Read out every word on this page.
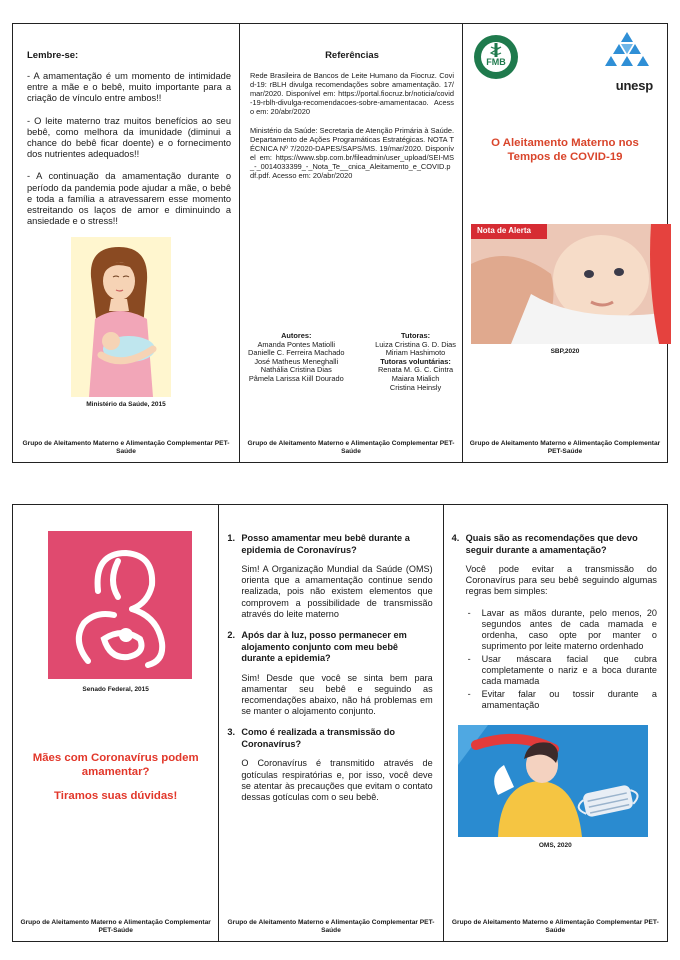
Lembre-se:

- A amamentação é um momento de intimidade entre a mãe e o bebê, muito importante para a criação de vínculo entre ambos!!

- O leite materno traz muitos benefícios ao seu bebê, como melhora da imunidade (diminui a chance do bebê ficar doente) e o fornecimento dos nutrientes adequados!!

- A continuação da amamentação durante o período da pandemia pode ajudar a mãe, o bebê e toda a família a atravessarem esse momento estreitando os laços de amor e diminuindo a ansiedade e o stress!!

Ministério da Saúde, 2015
Grupo de Aleitamento Materno e Alimentação Complementar PET-Saúde
Referências

Rede Brasileira de Bancos de Leite Humano da Fiocruz. Covid-19: rBLH divulga recomendações sobre amamentação. 17/mar/2020. Disponível em: https://portal.fiocruz.br/noticia/covid-19-rblh-divulga-recomendacoes-sobre-amamentacao. Acesso em: 20/abr/2020

Ministério da Saúde: Secretaria de Atenção Primária à Saúde. Departamento de Ações Programáticas Estratégicas. NOTA TÉCNICA Nº 7/2020-DAPES/SAPS/MS. 19/mar/2020. Disponível em: https://www.sbp.com.br/fileadmin/user_upload/SEI-MS_-_0014033399_-_Nota_Te__cnica_Aleitamento_e_COVID.pdf.pdf. Acesso em: 20/abr/2020

Autores:
Amanda Pontes Matiolli
Danielle C. Ferreira Machado
José Matheus Meneghalli
Nathália Cristina Dias
Pâmela Larissa Kiill Dourado
Tutoras:
Luiza Cristina G. D. Dias
Miriam Hashimoto
Tutoras voluntárias:
Renata M. G. C. Cintra
Maiara Mialich
Cristina Heinsly
Grupo de Aleitamento Materno e Alimentação Complementar PET-Saúde
FMB
unesp
O Aleitamento Materno nos Tempos de COVID-19
Nota de Alerta
SBP,2020
Grupo de Aleitamento Materno e Alimentação Complementar PET-Saúde
Senado Federal, 2015
Mães com Coronavírus podem amamentar?
Tiramos suas dúvidas!
Grupo de Aleitamento Materno e Alimentação Complementar PET-Saúde
1. Posso amamentar meu bebê durante a epidemia de Coronavírus?

Sim! A Organização Mundial da Saúde (OMS) orienta que a amamentação continue sendo realizada, pois não existem elementos que comprovem a possibilidade de transmissão através do leite materno

2. Após dar à luz, posso permanecer em alojamento conjunto com meu bebê durante a epidemia?

Sim! Desde que você se sinta bem para amamentar seu bebê e seguindo as recomendações abaixo, não há problemas em se manter o alojamento conjunto.

3. Como é realizada a transmissão do Coronavírus?

O Coronavírus é transmitido através de gotículas respiratórias e, por isso, você deve se atentar às precauções que evitam o contato dessas gotículas com o seu bebê.

Grupo de Aleitamento Materno e Alimentação Complementar PET-Saúde
4. Quais são as recomendações que devo seguir durante a amamentação?

Você pode evitar a transmissão do Coronavírus para seu bebê seguindo algumas regras bem simples:

- Lavar as mãos durante, pelo menos, 20 segundos antes de cada mamada e ordenha, caso opte por manter o suprimento por leite materno ordenhado
- Usar máscara facial que cubra completamente o nariz e a boca durante cada mamada
- Evitar falar ou tossir durante a amamentação
OMS, 2020
Grupo de Aleitamento Materno e Alimentação Complementar PET-Saúde
